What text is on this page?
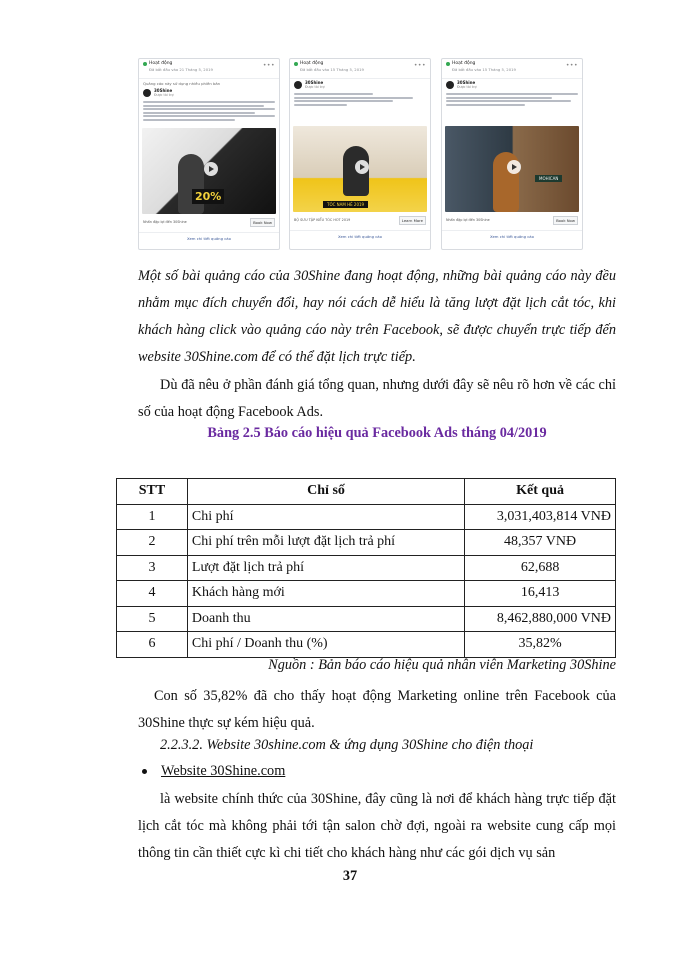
Hoạt động
Đã bắt đầu vào 21 Tháng 5, 2019
•••
Quảng cáo này sử dụng nhiều phiên bản
30Shine
Được tài trợ
20%
Nhấn đặp lợi đến 30Shine	Book Now
Xem chi tiết quảng cáo
Hoạt động
Đã bắt đầu vào 15 Tháng 5, 2019
•••
30Shine
Được tài trợ
TÓC NAM HÈ 2019
BỘ SƯU TẬP KIỂU TÓC HOT 2019	Learn More
Xem chi tiết quảng cáo
Hoạt động
Đã bắt đầu vào 15 Tháng 5, 2019
•••
30Shine
Được tài trợ
MOHICAN
Nhấn đặp lợi đến 30Shine	Book Now
Xem chi tiết quảng cáo

Một số bài quảng cáo của 30Shine đang hoạt động, những bài quảng cáo này đều nhằm mục đích chuyển đổi, hay nói cách dễ hiểu là tăng lượt đặt lịch cắt tóc, khi khách hàng click vào quảng cáo này trên Facebook, sẽ được chuyển trực tiếp đến website 30Shine.com để có thể đặt lịch trực tiếp.

Dù đã nêu ở phần đánh giá tổng quan, nhưng dưới đây sẽ nêu rõ hơn về các chỉ số của hoạt động Facebook Ads.

Bảng 2.5 Báo cáo hiệu quả Facebook Ads tháng 04/2019
STT	Chỉ số	Kết quả
1	Chi phí	3,031,403,814 VNĐ
2	Chi phí trên mỗi lượt đặt lịch trả phí	48,357 VNĐ
3	Lượt đặt lịch trả phí	62,688
4	Khách hàng mới	16,413
5	Doanh thu	8,462,880,000 VNĐ
6	Chi phí / Doanh thu (%)	35,82%
Nguồn : Bản báo cáo hiệu quả nhân viên Marketing 30Shine

Con số 35,82% đã cho thấy hoạt động Marketing online trên Facebook của 30Shine thực sự kém hiệu quả.

2.2.3.2. Website 30shine.com & ứng dụng 30Shine cho điện thoại
Website 30Shine.com

là website chính thức của 30Shine, đây cũng là nơi để khách hàng trực tiếp đặt lịch cắt tóc mà không phải tới tận salon chờ đợi, ngoài ra website cung cấp mọi thông tin cần thiết cực kì chi tiết cho khách hàng như các gói dịch vụ sản

37
